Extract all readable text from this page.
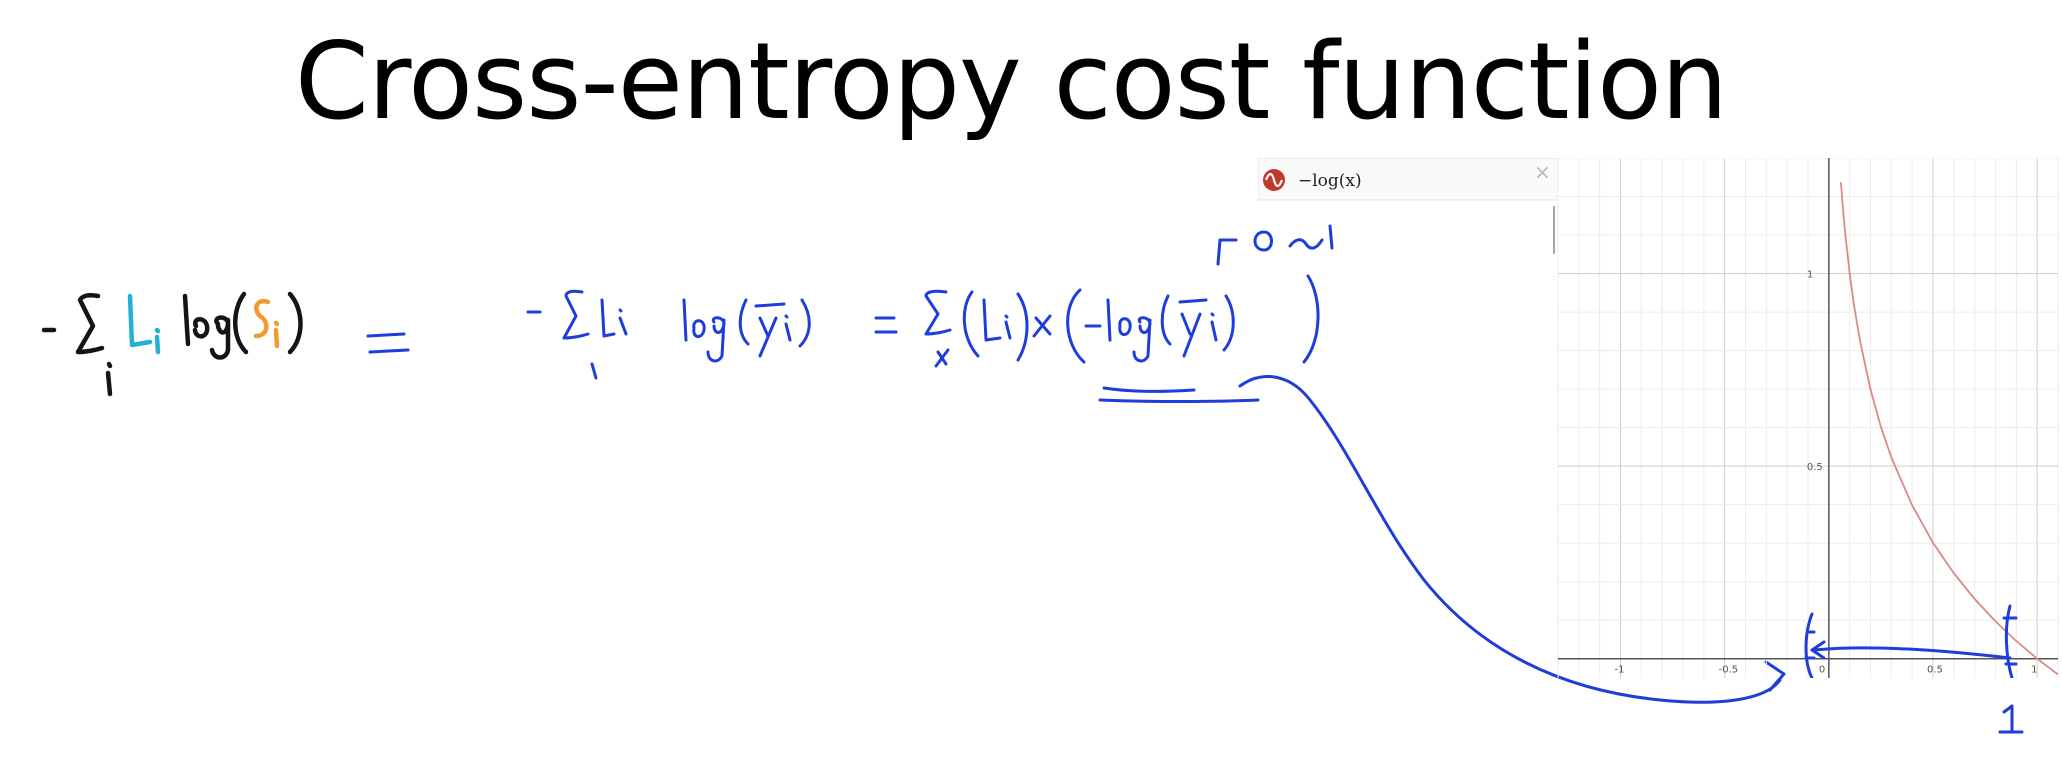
Cross-entropy cost function
−log(x)	×
-1	-0.5	0	0.5	1
0.5
1
